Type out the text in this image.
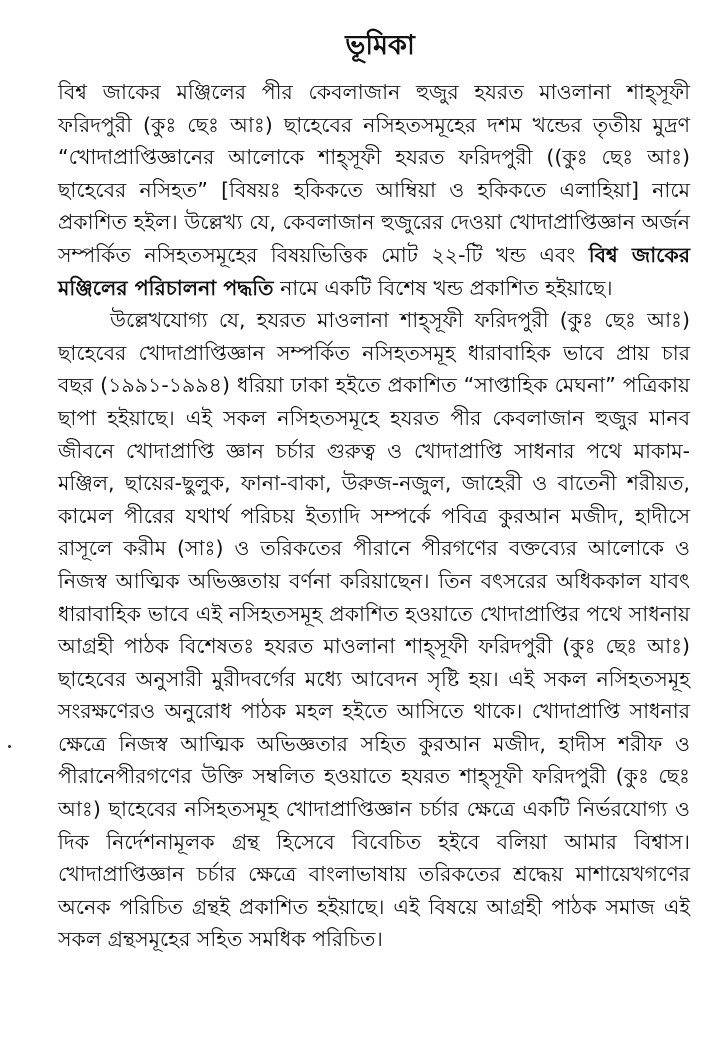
ভূমিকা

বিশ্ব জাকের মঞ্জিলের পীর কেবলাজান হুজুর হযরত মাওলানা শাহ্সূফী ফরিদপুরী (কুঃ ছেঃ আঃ) ছাহেবের নসিহতসমূহের দশম খন্ডের তৃতীয় মুদ্রণ “খোদাপ্রাপ্তিজ্ঞানের আলোকে শাহ্সূফী হযরত ফরিদপুরী ((কুঃ ছেঃ আঃ) ছাহেবের নসিহত” [বিষয়ঃ হকিকতে আম্বিয়া ও হকিকতে এলাহিয়া] নামে প্রকাশিত হইল। উল্লেখ্য যে, কেবলাজান হুজুরের দেওয়া খোদাপ্রাপ্তিজ্ঞান অর্জন সম্পর্কিত নসিহতসমূহের বিষয়ভিত্তিক মোট ২২-টি খন্ড এবং বিশ্ব জাকের মঞ্জিলের পরিচালনা পদ্ধতি নামে একটি বিশেষ খন্ড প্রকাশিত হইয়াছে।

উল্লেখযোগ্য যে, হযরত মাওলানা শাহ্সূফী ফরিদপুরী (কুঃ ছেঃ আঃ) ছাহেবের খোদাপ্রাপ্তিজ্ঞান সম্পর্কিত নসিহতসমূহ ধারাবাহিক ভাবে প্রায় চার বছর (১৯৯১-১৯৯৪) ধরিয়া ঢাকা হইতে প্রকাশিত “সাপ্তাহিক মেঘনা” পত্রিকায় ছাপা হইয়াছে। এই সকল নসিহতসমূহে হযরত পীর কেবলাজান হুজুর মানব জীবনে খোদাপ্রাপ্তি জ্ঞান চর্চার গুরুত্ব ও খোদাপ্রাপ্তি সাধনার পথে মাকাম-মঞ্জিল, ছায়ের-ছুলুক, ফানা-বাকা, উরুজ-নজুল, জাহেরী ও বাতেনী শরীয়ত, কামেল পীরের যথার্থ পরিচয় ইত্যাদি সম্পর্কে পবিত্র কুরআন মজীদ, হাদীসে রাসূলে করীম (সাঃ) ও তরিকতের পীরানে পীরগণের বক্তব্যের আলোকে ও নিজস্ব আত্মিক অভিজ্ঞতায় বর্ণনা করিয়াছেন। তিন বৎসরের অধিককাল যাবৎ ধারাবাহিক ভাবে এই নসিহতসমূহ প্রকাশিত হওয়াতে খোদাপ্রাপ্তির পথে সাধনায় আগ্রহী পাঠক বিশেষতঃ হযরত মাওলানা শাহ্সূফী ফরিদপুরী (কুঃ ছেঃ আঃ) ছাহেবের অনুসারী মুরীদবর্গের মধ্যে আবেদন সৃষ্টি হয়। এই সকল নসিহতসমূহ সংরক্ষণেরও অনুরোধ পাঠক মহল হইতে আসিতে থাকে। খোদাপ্রাপ্তি সাধনার ক্ষেত্রে নিজস্ব আত্মিক অভিজ্ঞতার সহিত কুরআন মজীদ, হাদীস শরীফ ও পীরানেপীরগণের উক্তি সম্বলিত হওয়াতে হযরত শাহ্সূফী ফরিদপুরী (কুঃ ছেঃ আঃ) ছাহেবের নসিহতসমূহ খোদাপ্রাপ্তিজ্ঞান চর্চার ক্ষেত্রে একটি নির্ভরযোগ্য ও দিক নির্দেশনামূলক গ্রন্থ হিসেবে বিবেচিত হইবে বলিয়া আমার বিশ্বাস। খোদাপ্রাপ্তিজ্ঞান চর্চার ক্ষেত্রে বাংলাভাষায় তরিকতের শ্রদ্ধেয় মাশায়েখগণের অনেক পরিচিত গ্রন্থই প্রকাশিত হইয়াছে। এই বিষয়ে আগ্রহী পাঠক সমাজ এই সকল গ্রন্থসমূহের সহিত সমধিক পরিচিত।
